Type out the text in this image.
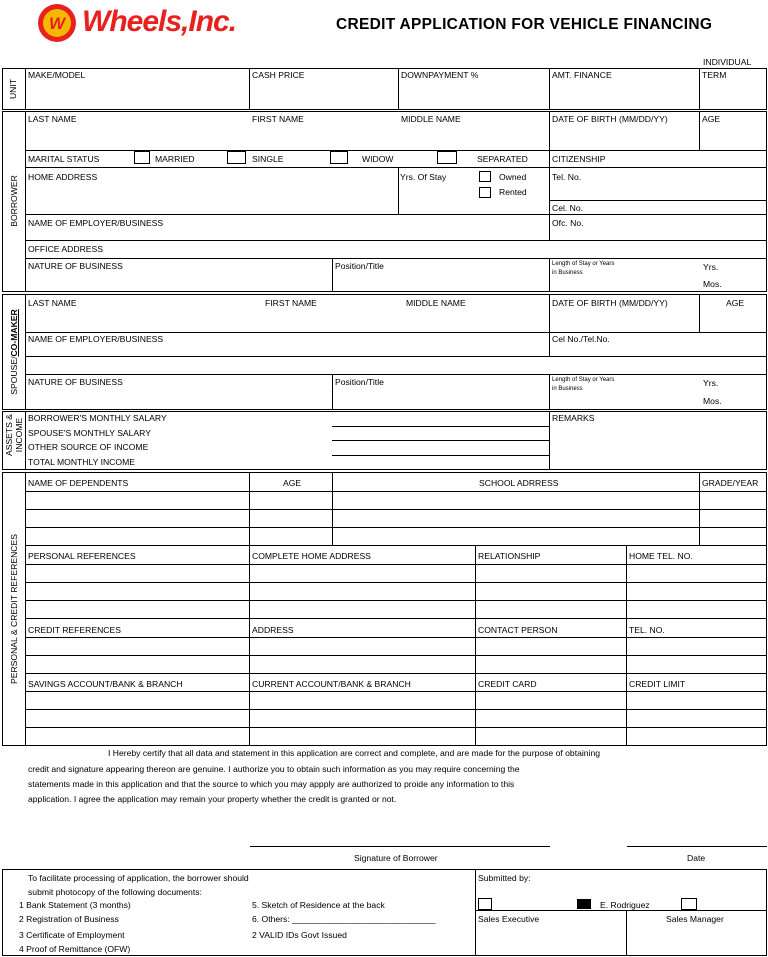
W Wheels,Inc.	CREDIT APPLICATION FOR VEHICLE FINANCING
INDIVIDUAL
UNIT
MAKE/MODEL	CASH PRICE	DOWNPAYMENT %	AMT. FINANCE	TERM
BORROWER
LAST NAME	FIRST NAME	MIDDLE NAME	DATE OF BIRTH (MM/DD/YY)	AGE
MARITAL STATUS	MARRIED	SINGLE	WIDOW	SEPARATED	CITIZENSHIP
HOME ADDRESS	Yrs. Of Stay	Owned
Rented
Tel. No.
Cel. No.
NAME OF EMPLOYER/BUSINESS	Ofc. No.
OFFICE ADDRESS
NATURE OF BUSINESS	Position/Title	Length of Stay or Years
in Business
Yrs.
Mos.
SPOUSE/CO-MAKER
LAST NAME	FIRST NAME	MIDDLE NAME	DATE OF BIRTH (MM/DD/YY)	AGE
NAME OF EMPLOYER/BUSINESS	Cel No./Tel.No.
NATURE OF BUSINESS	Position/Title	Length of Stay or Years
in Business
Yrs.
Mos.
ASSETS & INCOME BORROWER'S MONTHLY SALARY
SPOUSE'S MONTHLY SALARY
OTHER SOURCE OF INCOME
TOTAL MONTHLY INCOME
REMARKS
PERSONAL & CREDIT REFERENCES
NAME OF DEPENDENTS	AGE	SCHOOL ADRRESS	GRADE/YEAR
PERSONAL REFERENCES	COMPLETE HOME ADDRESS	RELATIONSHIP	HOME TEL. NO.
CREDIT REFERENCES	ADDRESS	CONTACT PERSON	TEL. NO.
SAVINGS ACCOUNT/BANK & BRANCH	CURRENT ACCOUNT/BANK & BRANCH	CREDIT CARD	CREDIT LIMIT
I Hereby certify that all data and statement in this application are correct and complete, and are made for the purpose of obtaining
credit and signature appearing thereon are genuine. I authorize you to obtain such information as you may require concerning the
statements made in this application and that the source to which you may appply are authorized to proide any information to this
application. I agree the application may remain your property whether the credit is granted or not.
Signature of Borrower	Date
To facilitate processing of application, the borrower should
submit photocopy of the following documents:
1 Bank Statement (3 months)
2 Registration of Business
3 Certificate of Employment
4 Proof of Remittance (OFW)
5. Sketch of Residence at the back
6. Others: ______________________________
2 VALID IDs Govt Issued
Submitted by:
E. Rodriguez
Sales Executive	Sales Manager
